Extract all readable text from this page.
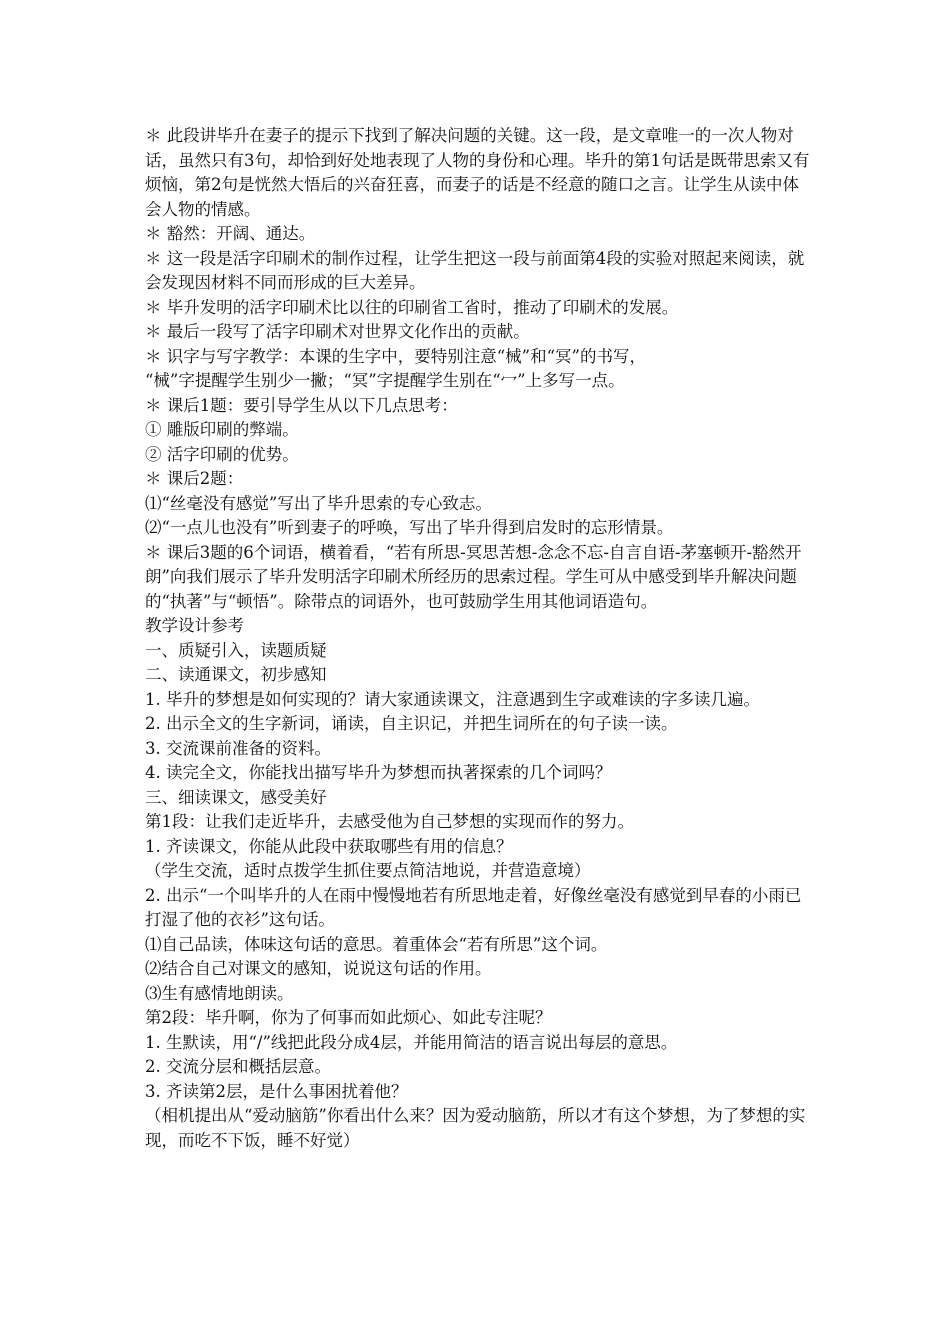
＊ 此段讲毕升在妻子的提示下找到了解决问题的关键。这一段，是文章唯一的一次人物对话，虽然只有3句，却恰到好处地表现了人物的身份和心理。毕升的第1句话是既带思索又有烦恼，第2句是恍然大悟后的兴奋狂喜，而妻子的话是不经意的随口之言。让学生从读中体会人物的情感。

＊ 豁然：开阔、通达。

＊ 这一段是活字印刷术的制作过程，让学生把这一段与前面第4段的实验对照起来阅读，就会发现因材料不同而形成的巨大差异。

＊ 毕升发明的活字印刷术比以往的印刷省工省时，推动了印刷术的发展。

＊ 最后一段写了活字印刷术对世界文化作出的贡献。

＊ 识字与写字教学：本课的生字中，要特别注意“械”和“冥”的书写，

“械”字提醒学生别少一撇；“冥”字提醒学生别在“冖”上多写一点。

＊ 课后1题：要引导学生从以下几点思考：

① 雕版印刷的弊端。

② 活字印刷的优势。

＊ 课后2题：

⑴“丝毫没有感觉”写出了毕升思索的专心致志。

⑵“一点儿也没有”听到妻子的呼唤，写出了毕升得到启发时的忘形情景。

＊ 课后3题的6个词语，横着看，“若有所思-冥思苦想-念念不忘-自言自语-茅塞顿开-豁然开朗”向我们展示了毕升发明活字印刷术所经历的思索过程。学生可从中感受到毕升解决问题的“执著”与“顿悟”。除带点的词语外，也可鼓励学生用其他词语造句。

教学设计参考

一、质疑引入，读题质疑

二、读通课文，初步感知

1. 毕升的梦想是如何实现的？请大家通读课文，注意遇到生字或难读的字多读几遍。

2. 出示全文的生字新词，诵读，自主识记，并把生词所在的句子读一读。

3. 交流课前准备的资料。

4. 读完全文，你能找出描写毕升为梦想而执著探索的几个词吗？

三、细读课文，感受美好

第1段：让我们走近毕升，去感受他为自己梦想的实现而作的努力。

1. 齐读课文，你能从此段中获取哪些有用的信息？

（学生交流，适时点拨学生抓住要点简洁地说，并营造意境）

2. 出示“一个叫毕升的人在雨中慢慢地若有所思地走着，好像丝毫没有感觉到早春的小雨已打湿了他的衣衫”这句话。

⑴自己品读，体味这句话的意思。着重体会“若有所思”这个词。

⑵结合自己对课文的感知，说说这句话的作用。

⑶生有感情地朗读。

第2段：毕升啊，你为了何事而如此烦心、如此专注呢？

1. 生默读，用“/”线把此段分成4层，并能用简洁的语言说出每层的意思。

2. 交流分层和概括层意。

3. 齐读第2层，是什么事困扰着他？

（相机提出从“爱动脑筋”你看出什么来？因为爱动脑筋，所以才有这个梦想，为了梦想的实现，而吃不下饭，睡不好觉）
